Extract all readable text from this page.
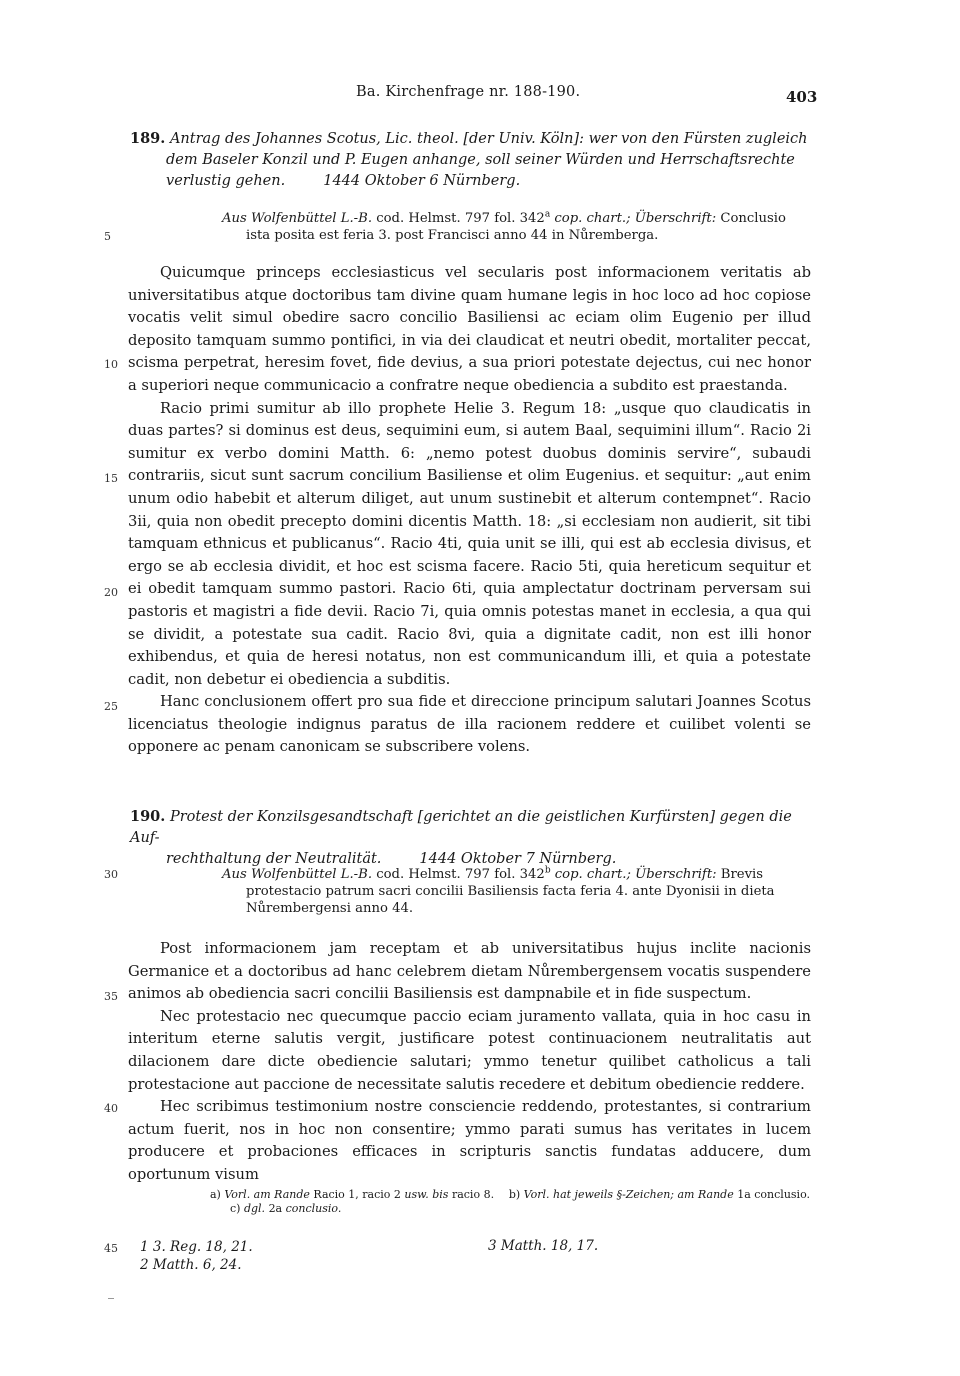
Ba. Kirchenfrage nr. 188-190.	403
189. Antrag des Johannes Scotus, Lic. theol. [der Univ. Köln]: wer von den Fürsten zugleich
dem Baseler Konzil und P. Eugen anhange, soll seiner Würden und Herrschaftsrechte
verlustig gehen.	1444 Oktober 6 Nürnberg.
Aus Wolfenbüttel L.-B. cod. Helmst. 797 fol. 342$^a$ cop. chart.; Überschrift: Conclusio
ista posita est feria 3. post Francisci anno 44 in Nůremberga.

Quicumque princeps ecclesiasticus vel secularis post informacionem veritatis ab universitatibus atque doctoribus tam divine quam humane legis in hoc loco ad hoc copiose vocatis velit simul obedire sacro concilio Basiliensi ac eciam olim Eugenio per illud deposito tamquam summo pontifici, in via dei claudicat et neutri obedit, mortaliter peccat, scisma perpetrat, heresim fovet, fide devius, a sua priori potestate dejectus, cui nec honor a superiori neque communicacio a confratre neque obediencia a subdito est praestanda.

Racio primi sumitur ab illo prophete Helie 3. Regum 18: „usque quo claudicatis in duas partes? si dominus est deus, sequimini eum, si autem Baal, sequimini illum“. Racio 2i sumitur ex verbo domini Matth. 6: „nemo potest duobus dominis servire“, subaudi contrariis, sicut sunt sacrum concilium Basiliense et olim Eugenius. et sequitur: „aut enim unum odio habebit et alterum diliget, aut unum sustinebit et alterum contempnet“. Racio 3ii, quia non obedit precepto domini dicentis Matth. 18: „si ecclesiam non audierit, sit tibi tamquam ethnicus et publicanus“. Racio 4ti, quia unit se illi, qui est ab ecclesia divisus, et ergo se ab ecclesia dividit, et hoc est scisma facere. Racio 5ti, quia hereticum sequitur et ei obedit tamquam summo pastori. Racio 6ti, quia amplectatur doctrinam perversam sui pastoris et magistri a fide devii. Racio 7i, quia omnis potestas manet in ecclesia, a qua qui se dividit, a potestate sua cadit. Racio 8vi, quia a dignitate cadit, non est illi honor exhibendus, et quia de heresi notatus, non est communicandum illi, et quia a potestate cadit, non debetur ei obediencia a subditis.

Hanc conclusionem offert pro sua fide et direccione principum salutari Joannes Scotus licenciatus theologie indignus paratus de illa racionem reddere et cuilibet volenti se opponere ac penam canonicam se subscribere volens.

190. Protest der Konzilsgesandtschaft [gerichtet an die geistlichen Kurfürsten] gegen die Auf-
rechthaltung der Neutralität.	1444 Oktober 7 Nürnberg.
Aus Wolfenbüttel L.-B. cod. Helmst. 797 fol. 342$^b$ cop. chart.; Überschrift: Brevis
protestacio patrum sacri concilii Basiliensis facta feria 4. ante Dyonisii in dieta
Nůrembergensi anno 44.

Post informacionem jam receptam et ab universitatibus hujus inclite nacionis Germanice et a doctoribus ad hanc celebrem dietam Nůrembergensem vocatis suspendere animos ab obediencia sacri concilii Basiliensis est dampnabile et in fide suspectum.

Nec protestacio nec quecumque paccio eciam juramento vallata, quia in hoc casu in interitum eterne salutis vergit, justificare potest continuacionem neutralitatis aut dilacionem dare dicte obediencie salutari; ymmo tenetur quilibet catholicus a tali protestacione aut paccione de necessitate salutis recedere et debitum obediencie reddere.

Hec scribimus testimonium nostre consciencie reddendo, protestantes, si contrarium actum fuerit, nos in hoc non consentire; ymmo parati sumus has veritates in lucem producere et probaciones efficaces in scripturis sanctis fundatas adducere, dum oportunum visum

a) Vorl. am Rande Racio 1, racio 2 usw. bis racio 8. b) Vorl. hat jeweils §-Zeichen; am Rande 1a conclusio.
c) dgl. 2a conclusio.
1 3. Reg. 18, 21.
2 Matth. 6, 24.
3 Matth. 18, 17.
5
10
15
20
25
30
35
40
45
